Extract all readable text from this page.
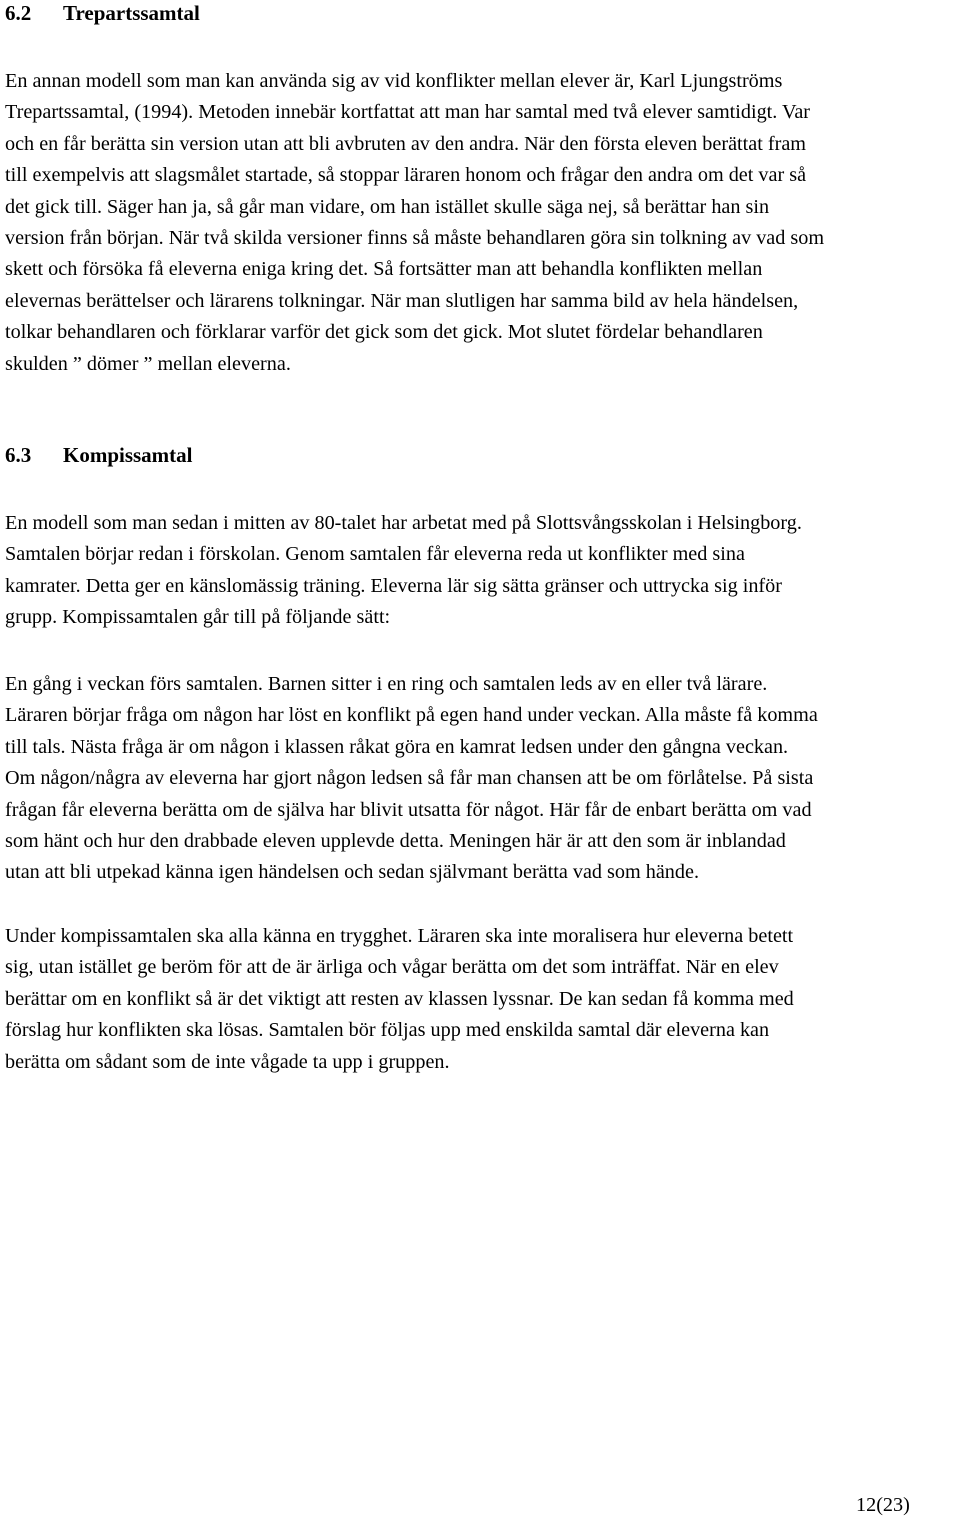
6.2 Trepartssamtal

En annan modell som man kan använda sig av vid konflikter mellan elever är, Karl Ljungströms
Trepartssamtal, (1994). Metoden innebär kortfattat att man har samtal med två elever samtidigt. Var
och en får berätta sin version utan att bli avbruten av den andra. När den första eleven berättat fram
till exempelvis att slagsmålet startade, så stoppar läraren honom och frågar den andra om det var så
det gick till. Säger han ja, så går man vidare, om han istället skulle säga nej, så berättar han sin
version från början. När två skilda versioner finns så måste behandlaren göra sin tolkning av vad som
skett och försöka få eleverna eniga kring det. Så fortsätter man att behandla konflikten mellan
elevernas berättelser och lärarens tolkningar. När man slutligen har samma bild av hela händelsen,
tolkar behandlaren och förklarar varför det gick som det gick. Mot slutet fördelar behandlaren
skulden ” dömer ” mellan eleverna.

6.3 Kompissamtal

En modell som man sedan i mitten av 80-talet har arbetat med på Slottsvångsskolan i Helsingborg.
Samtalen börjar redan i förskolan. Genom samtalen får eleverna reda ut konflikter med sina
kamrater. Detta ger en känslomässig träning. Eleverna lär sig sätta gränser och uttrycka sig inför
grupp. Kompissamtalen går till på följande sätt:

En gång i veckan förs samtalen. Barnen sitter i en ring och samtalen leds av en eller två lärare.
Läraren börjar fråga om någon har löst en konflikt på egen hand under veckan. Alla måste få komma
till tals. Nästa fråga är om någon i klassen råkat göra en kamrat ledsen under den gångna veckan.
Om någon/några av eleverna har gjort någon ledsen så får man chansen att be om förlåtelse. På sista
frågan får eleverna berätta om de själva har blivit utsatta för något. Här får de enbart berätta om vad
som hänt och hur den drabbade eleven upplevde detta. Meningen här är att den som är inblandad
utan att bli utpekad känna igen händelsen och sedan självmant berätta vad som hände.

Under kompissamtalen ska alla känna en trygghet. Läraren ska inte moralisera hur eleverna betett
sig, utan istället ge beröm för att de är ärliga och vågar berätta om det som inträffat. När en elev
berättar om en konflikt så är det viktigt att resten av klassen lyssnar. De kan sedan få komma med
förslag hur konflikten ska lösas. Samtalen bör följas upp med enskilda samtal där eleverna kan
berätta om sådant som de inte vågade ta upp i gruppen.

12(23)
